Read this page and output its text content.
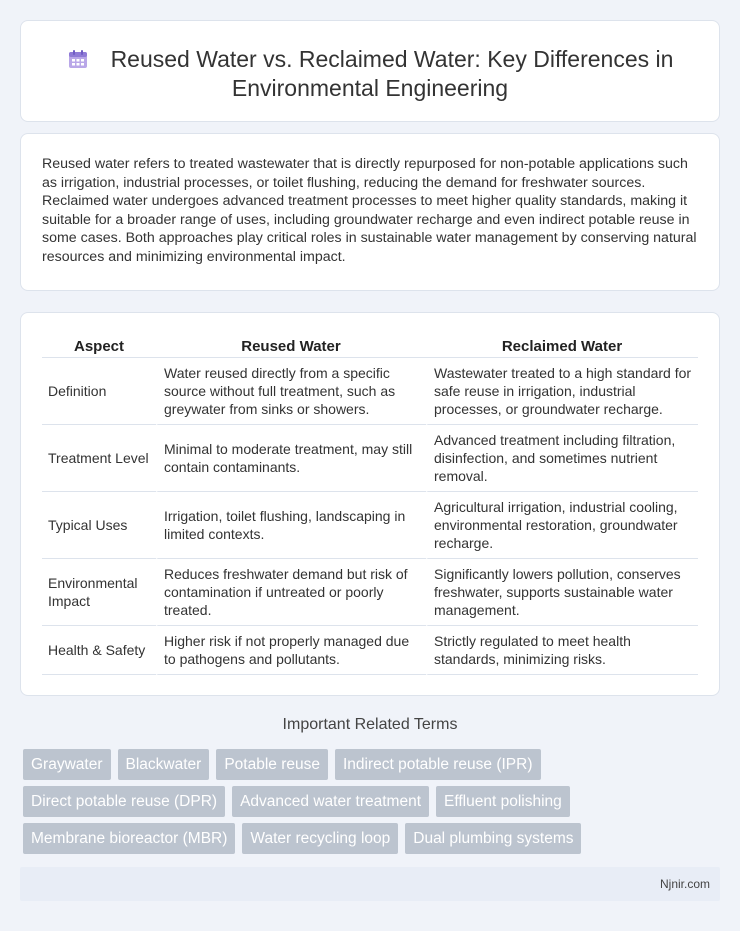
Reused Water vs. Reclaimed Water: Key Differences in
Environmental Engineering

Reused water refers to treated wastewater that is directly repurposed for non-potable applications such as irrigation, industrial processes, or toilet flushing, reducing the demand for freshwater sources. Reclaimed water undergoes advanced treatment processes to meet higher quality standards, making it suitable for a broader range of uses, including groundwater recharge and even indirect potable reuse in some cases. Both approaches play critical roles in sustainable water management by conserving natural resources and minimizing environmental impact.

Aspect	Reused Water	Reclaimed Water
Definition	Water reused directly from a specific source without full treatment, such as greywater from sinks or showers.	Wastewater treated to a high standard for safe reuse in irrigation, industrial processes, or groundwater recharge.
Treatment Level	Minimal to moderate treatment, may still contain contaminants.	Advanced treatment including filtration, disinfection, and sometimes nutrient removal.
Typical Uses	Irrigation, toilet flushing, landscaping in limited contexts.	Agricultural irrigation, industrial cooling, environmental restoration, groundwater recharge.
Environmental Impact	Reduces freshwater demand but risk of contamination if untreated or poorly treated.	Significantly lowers pollution, conserves freshwater, supports sustainable water management.
Health & Safety	Higher risk if not properly managed due to pathogens and pollutants.	Strictly regulated to meet health standards, minimizing risks.
Important Related Terms
Graywater	Blackwater	Potable reuse	Indirect potable reuse (IPR)
Direct potable reuse (DPR)	Advanced water treatment	Effluent polishing
Membrane bioreactor (MBR)	Water recycling loop	Dual plumbing systems
Njnir.com
